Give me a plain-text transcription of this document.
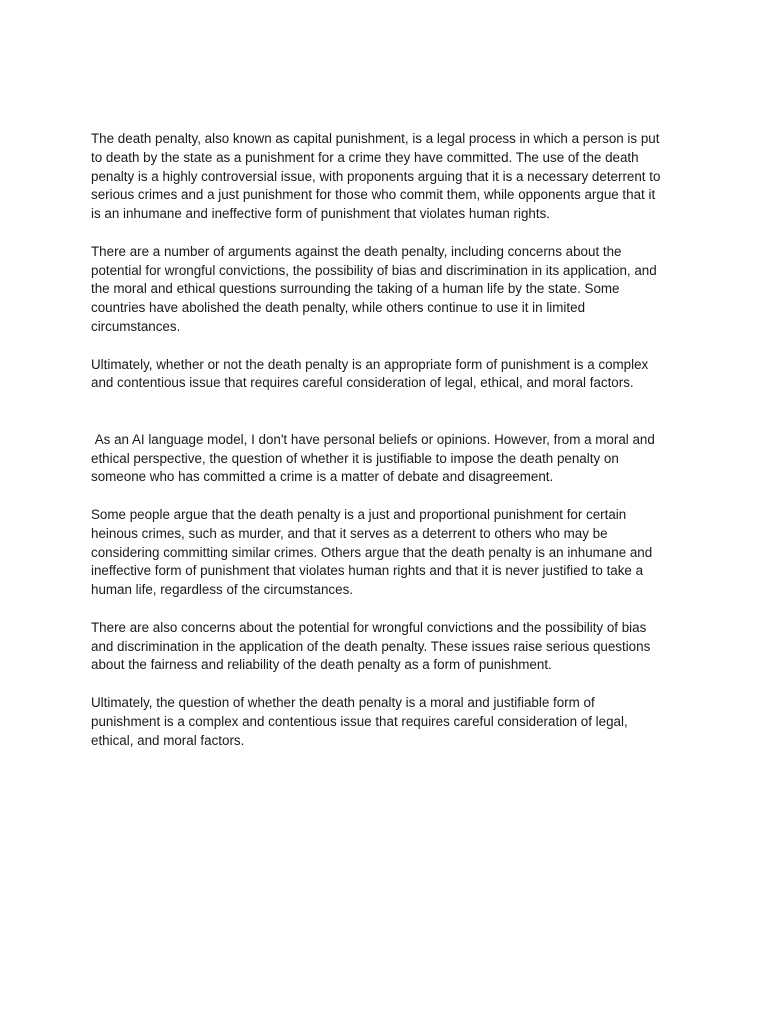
The death penalty, also known as capital punishment, is a legal process in which a person is put
to death by the state as a punishment for a crime they have committed. The use of the death
penalty is a highly controversial issue, with proponents arguing that it is a necessary deterrent to
serious crimes and a just punishment for those who commit them, while opponents argue that it
is an inhumane and ineffective form of punishment that violates human rights.

There are a number of arguments against the death penalty, including concerns about the
potential for wrongful convictions, the possibility of bias and discrimination in its application, and
the moral and ethical questions surrounding the taking of a human life by the state. Some
countries have abolished the death penalty, while others continue to use it in limited
circumstances.

Ultimately, whether or not the death penalty is an appropriate form of punishment is a complex
and contentious issue that requires careful consideration of legal, ethical, and moral factors.

As an AI language model, I don't have personal beliefs or opinions. However, from a moral and
ethical perspective, the question of whether it is justifiable to impose the death penalty on
someone who has committed a crime is a matter of debate and disagreement.

Some people argue that the death penalty is a just and proportional punishment for certain
heinous crimes, such as murder, and that it serves as a deterrent to others who may be
considering committing similar crimes. Others argue that the death penalty is an inhumane and
ineffective form of punishment that violates human rights and that it is never justified to take a
human life, regardless of the circumstances.

There are also concerns about the potential for wrongful convictions and the possibility of bias
and discrimination in the application of the death penalty. These issues raise serious questions
about the fairness and reliability of the death penalty as a form of punishment.

Ultimately, the question of whether the death penalty is a moral and justifiable form of
punishment is a complex and contentious issue that requires careful consideration of legal,
ethical, and moral factors.
